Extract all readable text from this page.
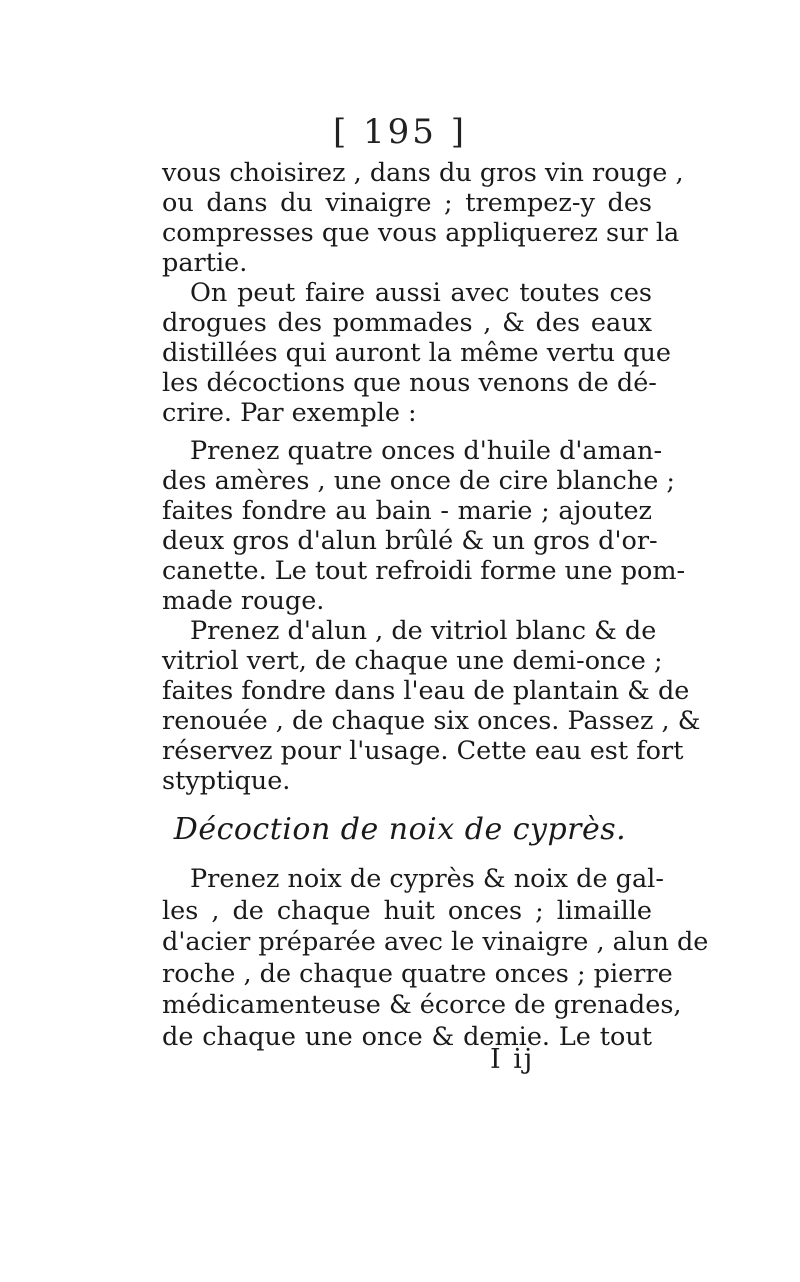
[ 195 ]
vous choisirez , dans du gros vin rouge ,
ou dans du vinaigre ; trempez-y des
compresses que vous appliquerez sur la
partie.
On peut faire aussi avec toutes ces
drogues des pommades , & des eaux
distillées qui auront la même vertu que
les décoctions que nous venons de dé-
crire. Par exemple :
Prenez quatre onces d'huile d'aman-
des amères , une once de cire blanche ;
faites fondre au bain - marie ; ajoutez
deux gros d'alun brûlé & un gros d'or-
canette. Le tout refroidi forme une pom-
made rouge.
Prenez d'alun , de vitriol blanc & de
vitriol vert, de chaque une demi-once ;
faites fondre dans l'eau de plantain & de
renouée , de chaque six onces. Passez , &
réservez pour l'usage. Cette eau est fort
styptique.
Décoction de noix de cyprès.
Prenez noix de cyprès & noix de gal-
les , de chaque huit onces ; limaille
d'acier préparée avec le vinaigre , alun de
roche , de chaque quatre onces ; pierre
médicamenteuse & écorce de grenades,
de chaque une once & demie. Le tout
I ij
